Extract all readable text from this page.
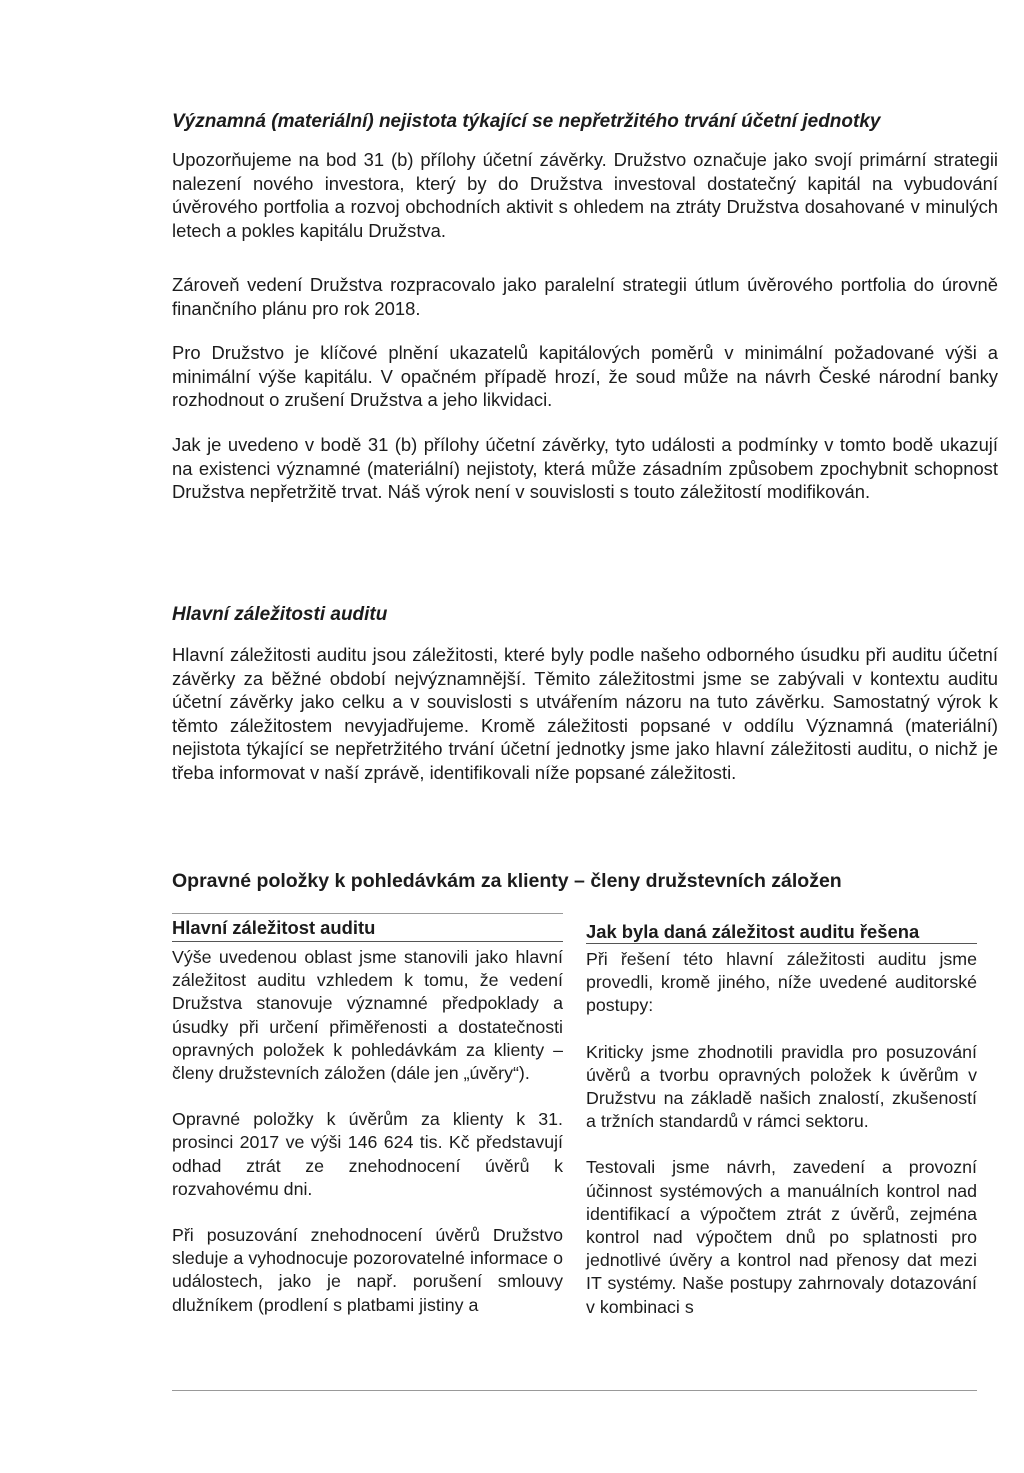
Významná (materiální) nejistota týkající se nepřetržitého trvání účetní jednotky

Upozorňujeme na bod 31 (b) přílohy účetní závěrky. Družstvo označuje jako svojí primární strategii nalezení nového investora, který by do Družstva investoval dostatečný kapitál na vybudování úvěrového portfolia a rozvoj obchodních aktivit s ohledem na ztráty Družstva dosahované v minulých letech a pokles kapitálu Družstva.

Zároveň vedení Družstva rozpracovalo jako paralelní strategii útlum úvěrového portfolia do úrovně finančního plánu pro rok 2018.

Pro Družstvo je klíčové plnění ukazatelů kapitálových poměrů v minimální požadované výši a minimální výše kapitálu. V opačném případě hrozí, že soud může na návrh České národní banky rozhodnout o zrušení Družstva a jeho likvidaci.

Jak je uvedeno v bodě 31 (b) přílohy účetní závěrky, tyto události a podmínky v tomto bodě ukazují na existenci významné (materiální) nejistoty, která může zásadním způsobem zpochybnit schopnost Družstva nepřetržitě trvat. Náš výrok není v souvislosti s touto záležitostí modifikován.

Hlavní záležitosti auditu

Hlavní záležitosti auditu jsou záležitosti, které byly podle našeho odborného úsudku při auditu účetní závěrky za běžné období nejvýznamnější. Těmito záležitostmi jsme se zabývali v kontextu auditu účetní závěrky jako celku a v souvislosti s utvářením názoru na tuto závěrku. Samostatný výrok k těmto záležitostem nevyjadřujeme. Kromě záležitosti popsané v oddílu Významná (materiální) nejistota týkající se nepřetržitého trvání účetní jednotky jsme jako hlavní záležitosti auditu, o nichž je třeba informovat v naší zprávě, identifikovali níže popsané záležitosti.

Opravné položky k pohledávkám za klienty – členy družstevních záložen
Hlavní záležitost auditu	Jak byla daná záležitost auditu řešena

Výše uvedenou oblast jsme stanovili jako hlavní záležitost auditu vzhledem k tomu, že vedení Družstva stanovuje významné předpoklady a úsudky při určení přiměřenosti a dostatečnosti opravných položek k pohledávkám za klienty – členy družstevních záložen (dále jen „úvěry“).

Opravné položky k úvěrům za klienty k 31. prosinci 2017 ve výši 146 624 tis. Kč představují odhad ztrát ze znehodnocení úvěrů k rozvahovému dni.

Při posuzování znehodnocení úvěrů Družstvo sleduje a vyhodnocuje pozorovatelné informace o událostech, jako je např. porušení smlouvy dlužníkem (prodlení s platbami jistiny a

Při řešení této hlavní záležitosti auditu jsme provedli, kromě jiného, níže uvedené auditorské postupy:

Kriticky jsme zhodnotili pravidla pro posuzování úvěrů a tvorbu opravných položek k úvěrům v Družstvu na základě našich znalostí, zkušeností a tržních standardů v rámci sektoru.

Testovali jsme návrh, zavedení a provozní účinnost systémových a manuálních kontrol nad identifikací a výpočtem ztrát z úvěrů, zejména kontrol nad výpočtem dnů po splatnosti pro jednotlivé úvěry a kontrol nad přenosy dat mezi IT systémy. Naše postupy zahrnovaly dotazování v kombinaci s
